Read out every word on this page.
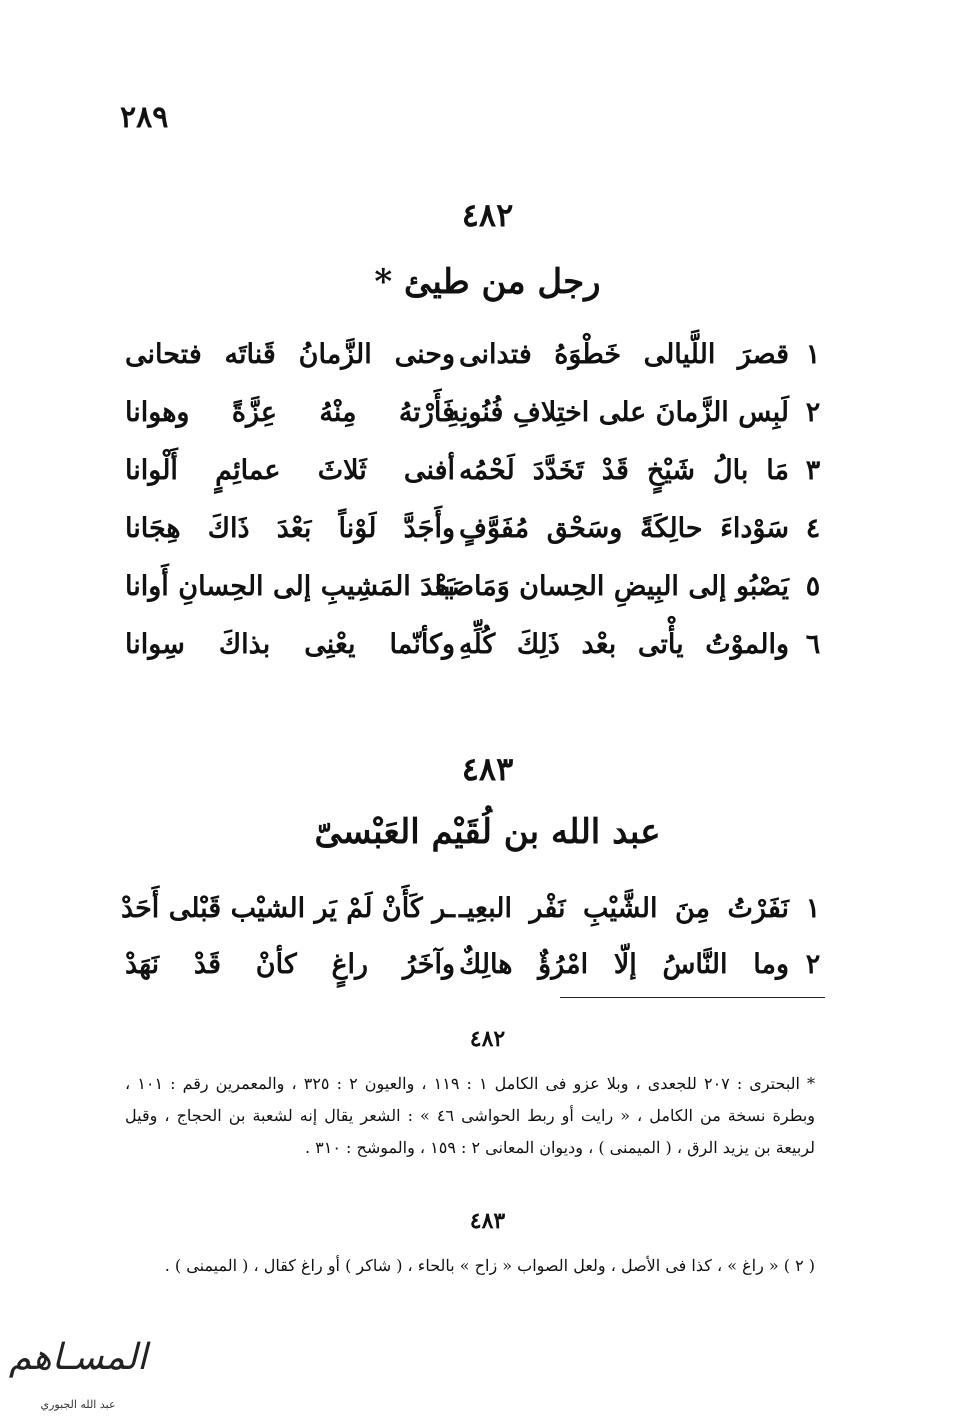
٢٨٩
٤٨٢
رجل من طيئ *
١
قصرَ اللَّيالى خَطْوَهُ فتدانى
وحنى الزَّمانُ قَناتَه فتحانى
٢
لَبِس الزَّمانَ على اختِلافِ فُنُونِهِ
فَأَرْتهُ مِنْهُ عِزَّةً وهوانا
٣
مَا بالُ شَيْخٍ قَدْ تَخَدَّدَ لَحْمُه
أفنى ثَلاثَ عمائِمٍ أَلْوانا
٤
سَوْداءَ حالِكَةً وسَحْق مُفَوَّفٍ
وأَجَدَّ لَوْناً بَعْدَ ذَاكَ هِجَانا
٥
يَصْبُو إلى البِيضِ الحِسان وَمَاصَبا
بَعْدَ المَشِيبِ إلى الحِسانِ أَوانا
٦
والموْتُ يأْتى بعْد ذَلِكَ كُلِّهِ
وكأنّما يعْنِى بذاكَ سِوانا
٤٨٣
عبد الله بن لُقَيْم العَبْسىّ
١
نَفَرْتُ مِنَ الشَّيْبِ نَفْر البعِيـ
ـر كَأَنْ لَمْ يَر الشيْب قَبْلى أَحَدْ
٢
وما النَّاسُ إلّا امْرُؤٌ هالِكٌ
وآخَرُ راغٍ كأنْ قَدْ نَهَدْ
٤٨٢
* البحترى : ٢٠٧ للجعدى ، وبلا عزو فى الكامل ١ : ١١٩ ، والعيون ٢ : ٣٢٥ ، والمعمرين رقم : ١٠١ ، وبطرة نسخة من الكامل ، « رايت أو ربط الحواشى ٤٦ » : الشعر يقال إنه لشعبة بن الحجاج ، وقيل لربيعة بن يزيد الرق ، ( الميمنى ) ، وديوان المعانى ٢ : ١٥٩ ، والموشح : ٣١٠ .
٤٨٣
( ٢ ) « راغ » ، كذا فى الأصل ، ولعل الصواب « زاح » بالحاء ، ( شاكر ) أو راغ كقال ، ( الميمنى ) .
المسـاهم
عبد الله الجبوري
